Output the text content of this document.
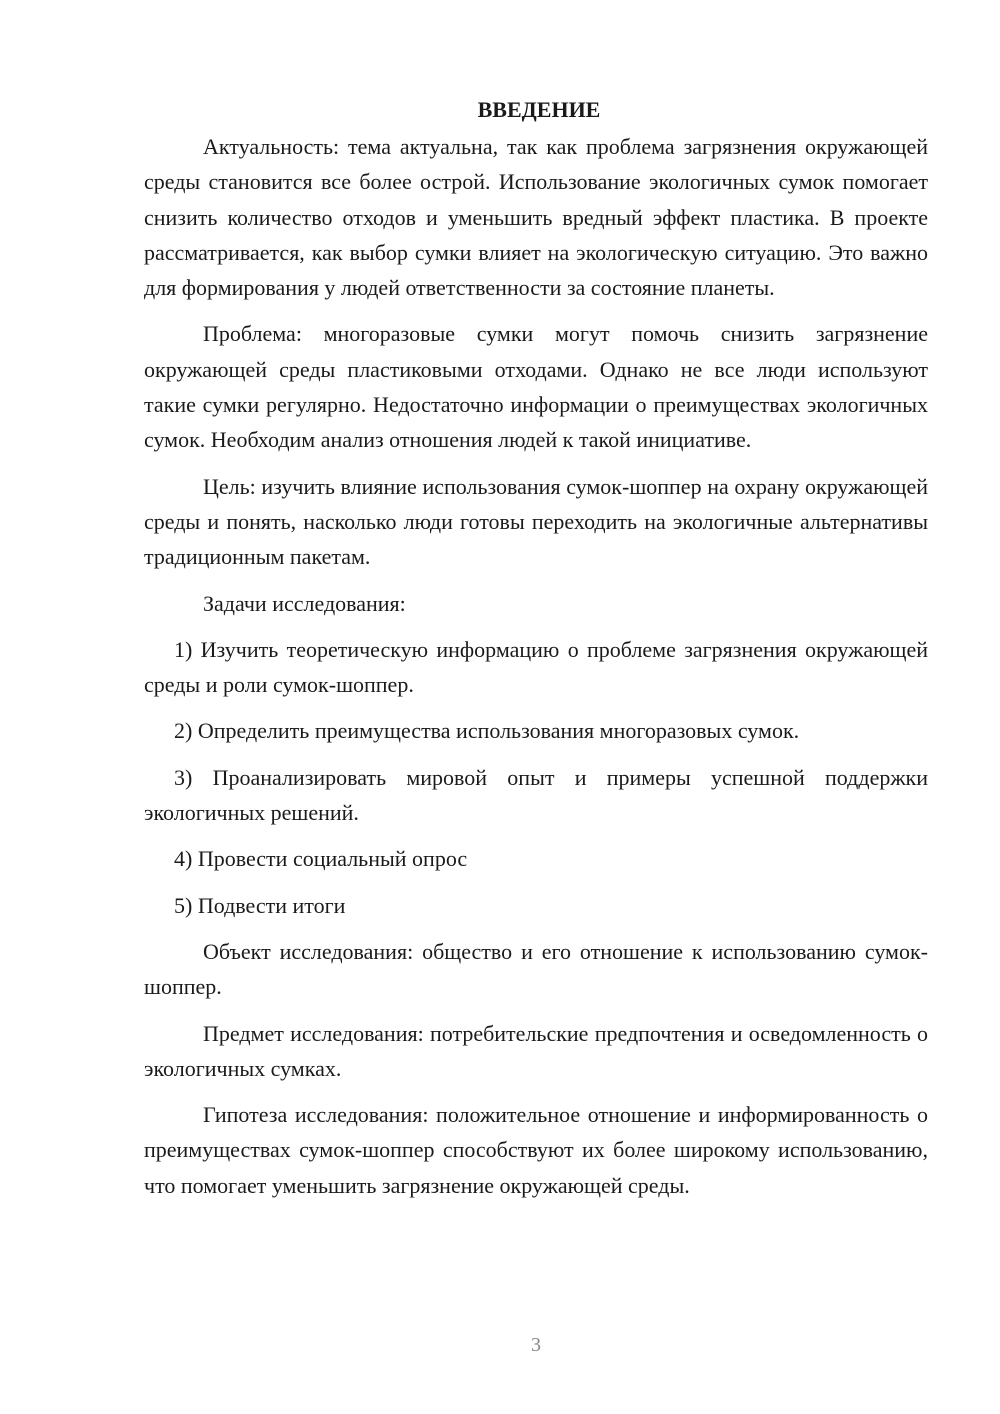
ВВЕДЕНИЕ

Актуальность: тема актуальна, так как проблема загрязнения окружающей среды становится все более острой. Использование экологичных сумок помогает снизить количество отходов и уменьшить вредный эффект пластика. В проекте рассматривается, как выбор сумки влияет на экологическую ситуацию. Это важно для формирования у людей ответственности за состояние планеты.

Проблема: многоразовые сумки могут помочь снизить загрязнение окружающей среды пластиковыми отходами. Однако не все люди используют такие сумки регулярно. Недостаточно информации о преимуществах экологичных сумок. Необходим анализ отношения людей к такой инициативе.

Цель: изучить влияние использования сумок-шоппер на охрану окружающей среды и понять, насколько люди готовы переходить на экологичные альтернативы традиционным пакетам.

Задачи исследования:

1) Изучить теоретическую информацию о проблеме загрязнения окружающей среды и роли сумок-шоппер.

2) Определить преимущества использования многоразовых сумок.

3) Проанализировать мировой опыт и примеры успешной поддержки экологичных решений.

4) Провести социальный опрос

5) Подвести итоги

Объект исследования: общество и его отношение к использованию сумок-шоппер.

Предмет исследования: потребительские предпочтения и осведомленность о экологичных сумках.

Гипотеза исследования: положительное отношение и информированность о преимуществах сумок-шоппер способствуют их более широкому использованию, что помогает уменьшить загрязнение окружающей среды.

3
